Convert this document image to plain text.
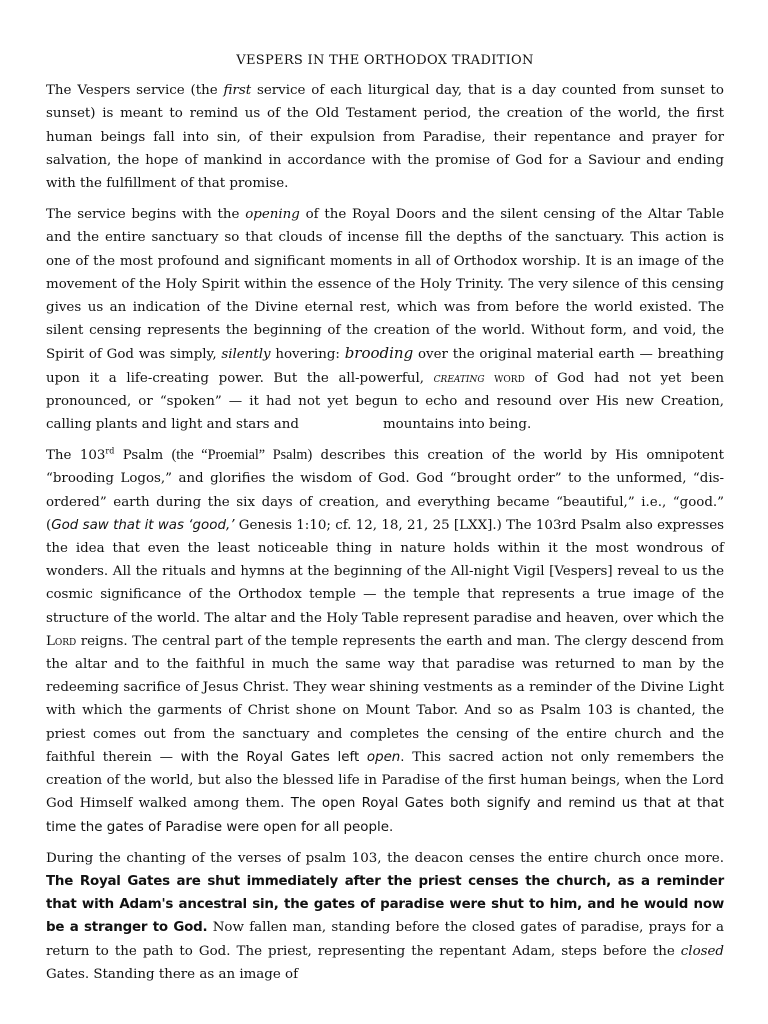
VESPERS IN THE ORTHODOX TRADITION

The Vespers service (the first service of each liturgical day, that is a day counted from sunset to sunset) is meant to remind us of the Old Testament period, the creation of the world, the first human beings fall into sin, of their expulsion from Paradise, their repentance and prayer for salvation, the hope of mankind in accordance with the promise of God for a Saviour and ending with the fulfillment of that promise.

The service begins with the opening of the Royal Doors and the silent censing of the Altar Table and the entire sanctuary so that clouds of incense fill the depths of the sanctuary. This action is one of the most profound and significant moments in all of Orthodox worship. It is an image of the movement of the Holy Spirit within the essence of the Holy Trinity. The very silence of this censing gives us an indication of the Divine eternal rest, which was from before the world existed. The silent censing represents the beginning of the creation of the world. Without form, and void, the Spirit of God was simply, silently hovering: brooding over the original material earth — breathing upon it a life-creating power. But the all-powerful, creating word of God had not yet been pronounced, or “spoken” — it had not yet begun to echo and resound over His new Creation, calling plants and light and stars and	mountains into being.

The 103rd Psalm (the “Proemial” Psalm) describes this creation of the world by His omnipotent “brooding Logos,” and glorifies the wisdom of God. God “brought order” to the unformed, “dis-ordered” earth during the six days of creation, and everything became “beautiful,” i.e., “good.” (God saw that it was ‘good,’ Genesis 1:10; cf. 12, 18, 21, 25 [LXX].) The 103rd Psalm also expresses the idea that even the least noticeable thing in nature holds within it the most wondrous of wonders. All the rituals and hymns at the beginning of the All-night Vigil [Vespers] reveal to us the cosmic significance of the Orthodox temple — the temple that represents a true image of the structure of the world. The altar and the Holy Table represent paradise and heaven, over which the Lord reigns. The central part of the temple represents the earth and man. The clergy descend from the altar and to the faithful in much the same way that paradise was returned to man by the redeeming sacrifice of Jesus Christ. They wear shining vestments as a reminder of the Divine Light with which the garments of Christ shone on Mount Tabor. And so as Psalm 103 is chanted, the priest comes out from the sanctuary and completes the censing of the entire church and the faithful therein — with the Royal Gates left open. This sacred action not only remembers the creation of the world, but also the blessed life in Paradise of the first human beings, when the Lord God Himself walked among them. The open Royal Gates both signify and remind us that at that time the gates of Paradise were open for all people.

During the chanting of the verses of psalm 103, the deacon censes the entire church once more. The Royal Gates are shut immediately after the priest censes the church, as a reminder that with Adam's ancestral sin, the gates of paradise were shut to him, and he would now be a stranger to God. Now fallen man, standing before the closed gates of paradise, prays for a return to the path to God. The priest, representing the repentant Adam, steps before the closed Gates. Standing there as an image of
